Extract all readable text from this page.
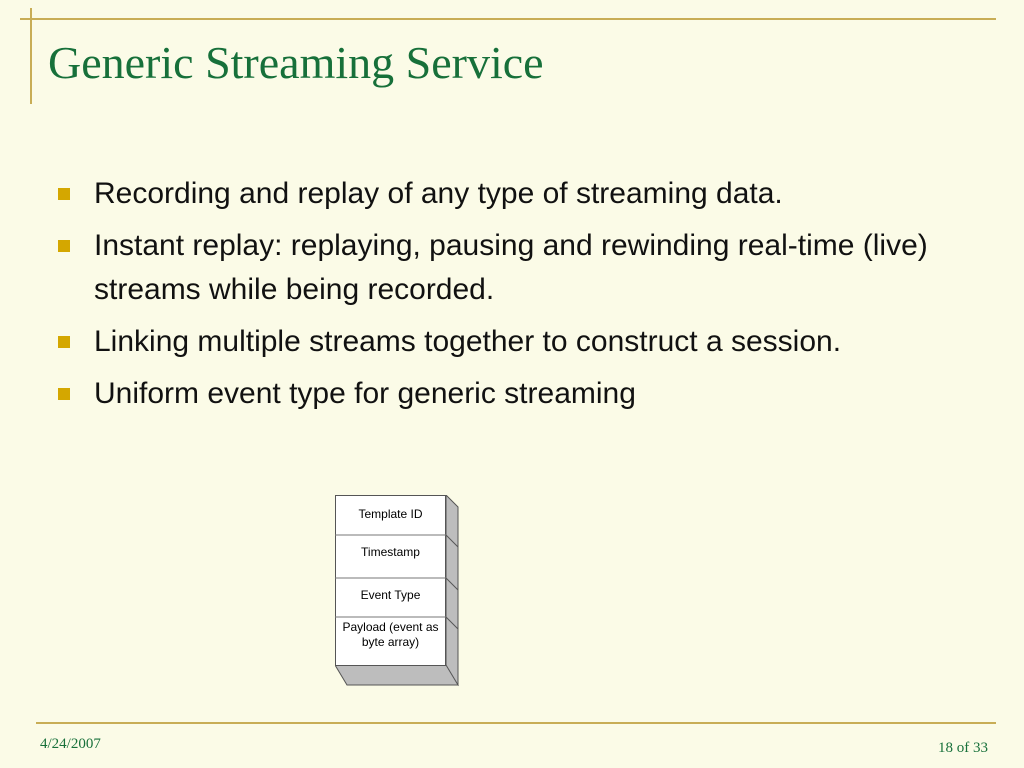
Generic Streaming Service
Recording and replay of any type of streaming data.
Instant replay: replaying, pausing and rewinding real-time (live) streams while being recorded.
Linking multiple streams together to construct a session.
Uniform event type for generic streaming
Template ID
Timestamp
Event Type
Payload (event as byte array)
4/24/2007	18 of 33
